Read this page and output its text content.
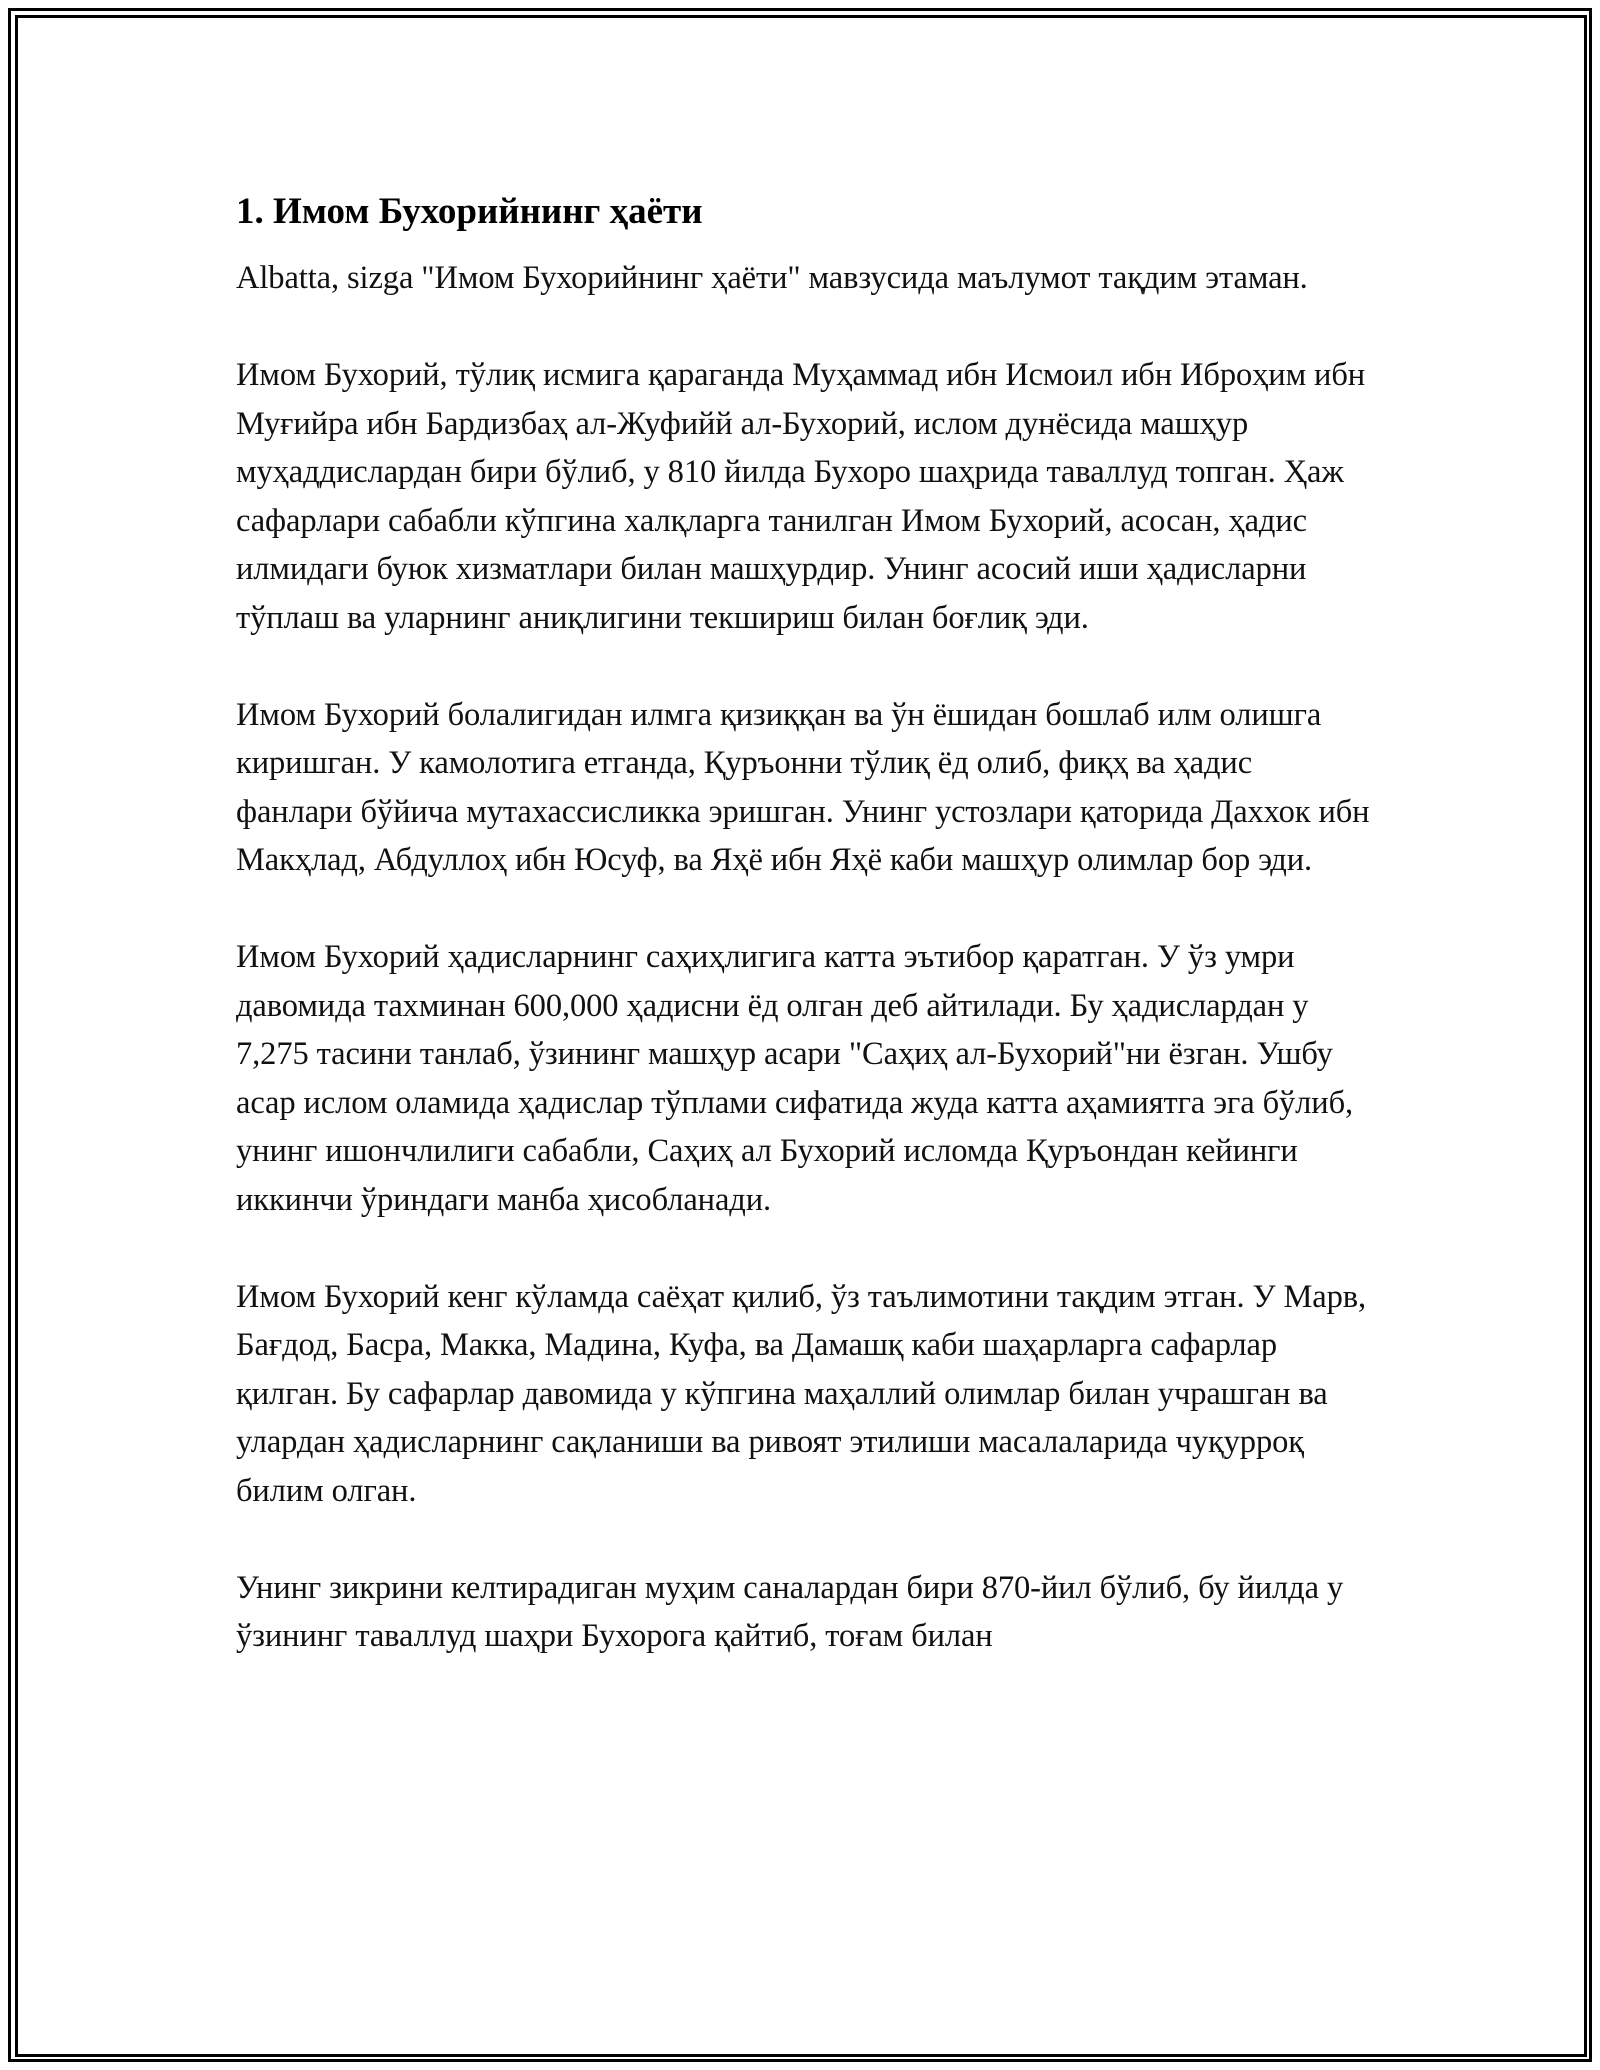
1. Имом Бухорийнинг ҳаёти

Albatta, sizga "Имом Бухорийнинг ҳаёти" мавзусида маълумот тақдим этаман.

Имом Бухорий, тўлиқ исмига қараганда Муҳаммад ибн Исмоил ибн Иброҳим ибн Муғийра ибн Бардизбаҳ ал-Жуфийй ал-Бухорий, ислом дунёсида машҳур муҳаддислардан бири бўлиб, у 810 йилда Бухоро шаҳрида таваллуд топган. Ҳаж сафарлари сабабли кўпгина халқларга танилган Имом Бухорий, асосан, ҳадис илмидаги буюк хизматлари билан машҳурдир. Унинг асосий иши ҳадисларни тўплаш ва уларнинг аниқлигини текшириш билан боғлиқ эди.

Имом Бухорий болалигидан илмга қизиққан ва ўн ёшидан бошлаб илм олишга киришган. У камолотига етганда, Қуръонни тўлиқ ёд олиб, фиқҳ ва ҳадис фанлари бўйича мутахассисликка эришган. Унинг устозлари қаторида Даххок ибн Макҳлад, Абдуллоҳ ибн Юсуф, ва Яҳё ибн Яҳё каби машҳур олимлар бор эди.

Имом Бухорий ҳадисларнинг саҳиҳлигига катта эътибор қаратган. У ўз умри давомида тахминан 600,000 ҳадисни ёд олган деб айтилади. Бу ҳадислардан у 7,275 тасини танлаб, ўзининг машҳур асари "Саҳиҳ ал-Бухорий"ни ёзган. Ушбу асар ислом оламида ҳадислар тўплами сифатида жуда катта аҳамиятга эга бўлиб, унинг ишончлилиги сабабли, Саҳиҳ ал Бухорий исломда Қуръондан кейинги иккинчи ўриндаги манба ҳисобланади.

Имом Бухорий кенг кўламда саёҳат қилиб, ўз таълимотини тақдим этган. У Марв, Бағдод, Басра, Макка, Мадина, Куфа, ва Дамашқ каби шаҳарларга сафарлар қилган. Бу сафарлар давомида у кўпгина маҳаллий олимлар билан учрашган ва улардан ҳадисларнинг сақланиши ва ривоят этилиши масалаларида чуқурроқ билим олган.

Унинг зикрини келтирадиган муҳим саналардан бири 870-йил бўлиб, бу йилда у ўзининг таваллуд шаҳри Бухорога қайтиб, тоғам билан
